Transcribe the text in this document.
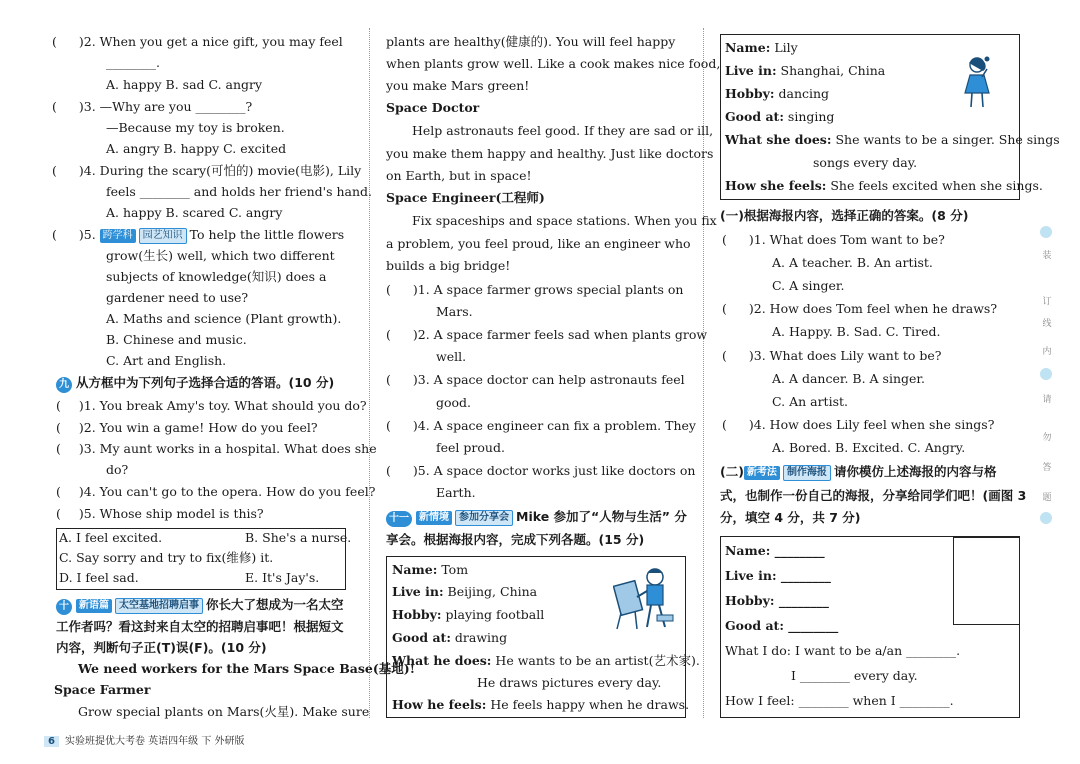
( )2. When you get a nice gift, you may feel
________.
A. happy B. sad C. angry
( )3. —Why are you ________?
—Because my toy is broken.
A. angry B. happy C. excited
( )4. During the scary(可怕的) movie(电影), Lily
feels ________ and holds her friend's hand.
A. happy B. scared C. angry
( )5. 跨学科 园艺知识 To help the little flowers
grow(生长) well, which two different
subjects of knowledge(知识) does a
gardener need to use?
A. Maths and science (Plant growth).
B. Chinese and music.
C. Art and English.
九 从方框中为下列句子选择合适的答语。(10 分)
( )1. You break Amy's toy. What should you do?
( )2. You win a game! How do you feel?
( )3. My aunt works in a hospital. What does she
do?
( )4. You can't go to the opera. How do you feel?
( )5. Whose ship model is this?
A. I feel excited.	B. She's a nurse.
C. Say sorry and try to fix(维修) it.
D. I feel sad.	E. It's Jay's.
十 新语篇 太空基地招聘启事 你长大了想成为一名太空
工作者吗？看这封来自太空的招聘启事吧！根据短文
内容，判断句子正(T)误(F)。(10 分)
We need workers for the Mars Space Base(基地)!
Space Farmer
Grow special plants on Mars(火星). Make sure
plants are healthy(健康的). You will feel happy
when plants grow well. Like a cook makes nice food,
you make Mars green!
Space Doctor
Help astronauts feel good. If they are sad or ill,
you make them happy and healthy. Just like doctors
on Earth, but in space!
Space Engineer(工程师)
Fix spaceships and space stations. When you fix
a problem, you feel proud, like an engineer who
builds a big bridge!
( )1. A space farmer grows special plants on
Mars.
( )2. A space farmer feels sad when plants grow
well.
( )3. A space doctor can help astronauts feel
good.
( )4. A space engineer can fix a problem. They
feel proud.
( )5. A space doctor works just like doctors on
Earth.
十一 新情境 参加分享会 Mike 参加了“人物与生活” 分
享会。根据海报内容，完成下列各题。(15 分)
Name: Tom
Live in: Beijing, China
Hobby: playing football
Good at: drawing
What he does: He wants to be an artist(艺术家).
He draws pictures every day.
How he feels: He feels happy when he draws.
Name: Lily
Live in: Shanghai, China
Hobby: dancing
Good at: singing
What she does: She wants to be a singer. She sings
songs every day.
How she feels: She feels excited when she sings.
(一)根据海报内容，选择正确的答案。(8 分)
( )1. What does Tom want to be?
A. A teacher. B. An artist.
C. A singer.
( )2. How does Tom feel when he draws?
A. Happy. B. Sad. C. Tired.
( )3. What does Lily want to be?
A. A dancer. B. A singer.
C. An artist.
( )4. How does Lily feel when she sings?
A. Bored. B. Excited. C. Angry.
(二) 新考法 制作海报 请你模仿上述海报的内容与格
式，也制作一份自己的海报，分享给同学们吧！(画图 3
分，填空 4 分，共 7 分)
Name: ________
Live in: ________
Hobby: ________
Good at: ________
What I do: I want to be a/an ________.
I ________ every day.
How I feel: ________ when I ________.
装
订
线
内
请
勿
答
题
6 实验班提优大考卷 英语四年级 下 外研版
